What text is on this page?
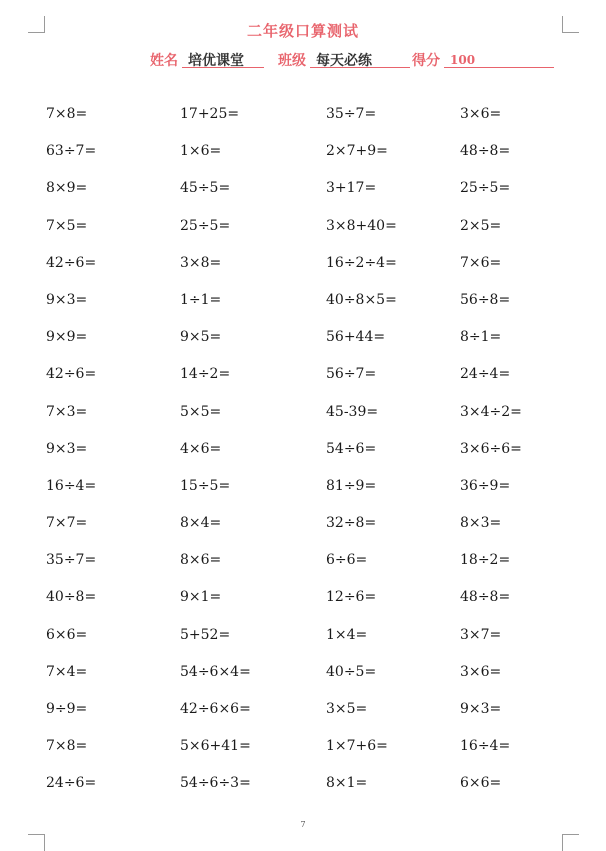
二年级口算测试
姓名 培优课堂	班级 每天必练	得分 100
7×8=	17+25=	35÷7=	3×6=
63÷7=	1×6=	2×7+9=	48÷8=
8×9=	45÷5=	3+17=	25÷5=
7×5=	25÷5=	3×8+40=	2×5=
42÷6=	3×8=	16÷2÷4=	7×6=
9×3=	1÷1=	40÷8×5=	56÷8=
9×9=	9×5=	56+44=	8÷1=
42÷6=	14÷2=	56÷7=	24÷4=
7×3=	5×5=	45-39=	3×4÷2=
9×3=	4×6=	54÷6=	3×6÷6=
16÷4=	15÷5=	81÷9=	36÷9=
7×7=	8×4=	32÷8=	8×3=
35÷7=	8×6=	6÷6=	18÷2=
40÷8=	9×1=	12÷6=	48÷8=
6×6=	5+52=	1×4=	3×7=
7×4=	54÷6×4=	40÷5=	3×6=
9÷9=	42÷6×6=	3×5=	9×3=
7×8=	5×6+41=	1×7+6=	16÷4=
24÷6=	54÷6÷3=	8×1=	6×6=
7
